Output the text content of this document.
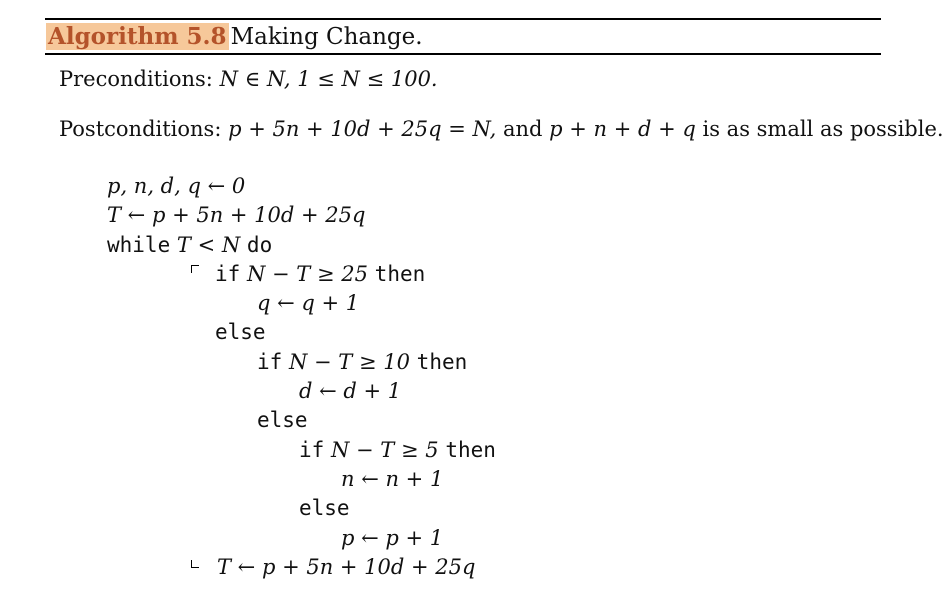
Algorithm 5.8 Making Change.
Preconditions: N ∈ N, 1 ≤ N ≤ 100.
Postconditions: p + 5n + 10d + 25q = N, and p + n + d + q is as small as possible.
p, n, d, q ← 0
T ← p + 5n + 10d + 25q
while T < N do
if N − T ≥ 25 then
q ← q + 1
else
if N − T ≥ 10 then
d ← d + 1
else
if N − T ≥ 5 then
n ← n + 1
else
p ← p + 1
T ← p + 5n + 10d + 25q
